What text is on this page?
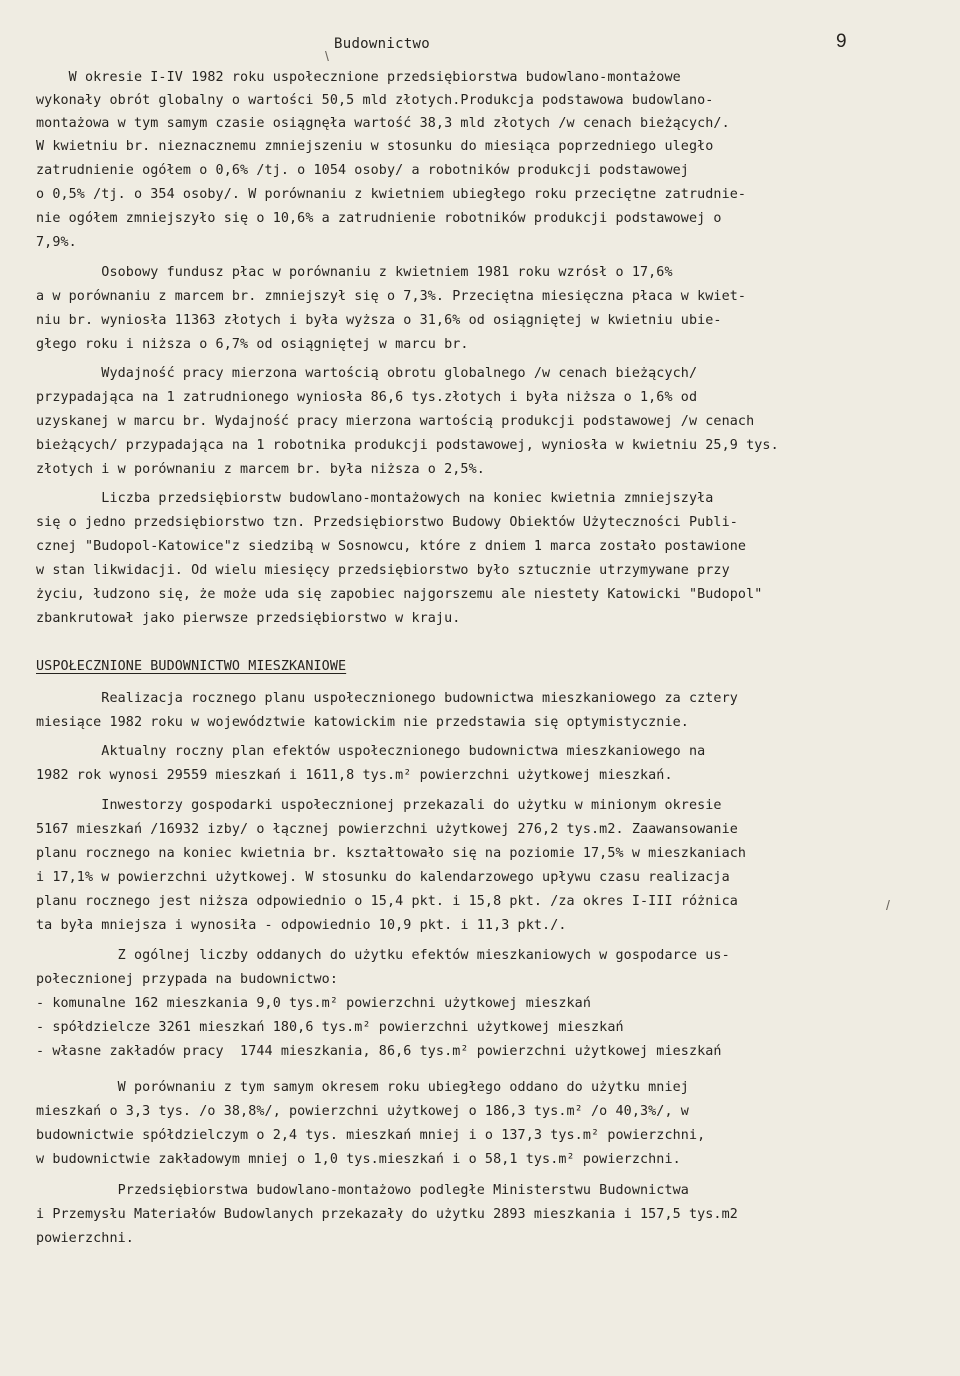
Budownictwo	9
W okresie I-IV 1982 roku uspołecznione przedsiębiorstwa budowlano-montażowe
wykonały obrót globalny o wartości 50,5 mld złotych.Produkcja podstawowa budowlano-
montażowa w tym samym czasie osiągnęła wartość 38,3 mld złotych /w cenach bieżących/.
W kwietniu br. nieznacznemu zmniejszeniu w stosunku do miesiąca poprzedniego uległo
zatrudnienie ogółem o 0,6% /tj. o 1054 osoby/ a robotników produkcji podstawowej
o 0,5% /tj. o 354 osoby/. W porównaniu z kwietniem ubiegłego roku przeciętne zatrudnie-
nie ogółem zmniejszyło się o 10,6% a zatrudnienie robotników produkcji podstawowej o
7,9%.
Osobowy fundusz płac w porównaniu z kwietniem 1981 roku wzrósł o 17,6%
a w porównaniu z marcem br. zmniejszył się o 7,3%. Przeciętna miesięczna płaca w kwiet-
niu br. wyniosła 11363 złotych i była wyższa o 31,6% od osiągniętej w kwietniu ubie-
głego roku i niższa o 6,7% od osiągniętej w marcu br.
Wydajność pracy mierzona wartością obrotu globalnego /w cenach bieżących/
przypadająca na 1 zatrudnionego wyniosła 86,6 tys.złotych i była niższa o 1,6% od
uzyskanej w marcu br. Wydajność pracy mierzona wartością produkcji podstawowej /w cenach
bieżących/ przypadająca na 1 robotnika produkcji podstawowej, wyniosła w kwietniu 25,9 tys.
złotych i w porównaniu z marcem br. była niższa o 2,5%.
Liczba przedsiębiorstw budowlano-montażowych na koniec kwietnia zmniejszyła
się o jedno przedsiębiorstwo tzn. Przedsiębiorstwo Budowy Obiektów Użyteczności Publi-
cznej "Budopol-Katowice"z siedzibą w Sosnowcu, które z dniem 1 marca zostało postawione
w stan likwidacji. Od wielu miesięcy przedsiębiorstwo było sztucznie utrzymywane przy
życiu, łudzono się, że może uda się zapobiec najgorszemu ale niestety Katowicki "Budopol"
zbankrutował jako pierwsze przedsiębiorstwo w kraju.
USPOŁECZNIONE BUDOWNICTWO MIESZKANIOWE
Realizacja rocznego planu uspołecznionego budownictwa mieszkaniowego za cztery
miesiące 1982 roku w województwie katowickim nie przedstawia się optymistycznie.
Aktualny roczny plan efektów uspołecznionego budownictwa mieszkaniowego na
1982 rok wynosi 29559 mieszkań i 1611,8 tys.m² powierzchni użytkowej mieszkań.
Inwestorzy gospodarki uspołecznionej przekazali do użytku w minionym okresie
5167 mieszkań /16932 izby/ o łącznej powierzchni użytkowej 276,2 tys.m2. Zaawansowanie
planu rocznego na koniec kwietnia br. kształtowało się na poziomie 17,5% w mieszkaniach
i 17,1% w powierzchni użytkowej. W stosunku do kalendarzowego upływu czasu realizacja
planu rocznego jest niższa odpowiednio o 15,4 pkt. i 15,8 pkt. /za okres I-III różnica
ta była mniejsza i wynosiła - odpowiednio 10,9 pkt. i 11,3 pkt./.
Z ogólnej liczby oddanych do użytku efektów mieszkaniowych w gospodarce us-
połecznionej przypada na budownictwo:
- komunalne 162 mieszkania 9,0 tys.m² powierzchni użytkowej mieszkań
- spółdzielcze 3261 mieszkań 180,6 tys.m² powierzchni użytkowej mieszkań
- własne zakładów pracy  1744 mieszkania, 86,6 tys.m² powierzchni użytkowej mieszkań
W porównaniu z tym samym okresem roku ubiegłego oddano do użytku mniej
mieszkań o 3,3 tys. /o 38,8%/, powierzchni użytkowej o 186,3 tys.m² /o 40,3%/, w
budownictwie spółdzielczym o 2,4 tys. mieszkań mniej i o 137,3 tys.m² powierzchni,
w budownictwie zakładowym mniej o 1,0 tys.mieszkań i o 58,1 tys.m² powierzchni.
Przedsiębiorstwa budowlano-montażowo podległe Ministerstwu Budownictwa
i Przemysłu Materiałów Budowlanych przekazały do użytku 2893 mieszkania i 157,5 tys.m2
powierzchni.
\
/
